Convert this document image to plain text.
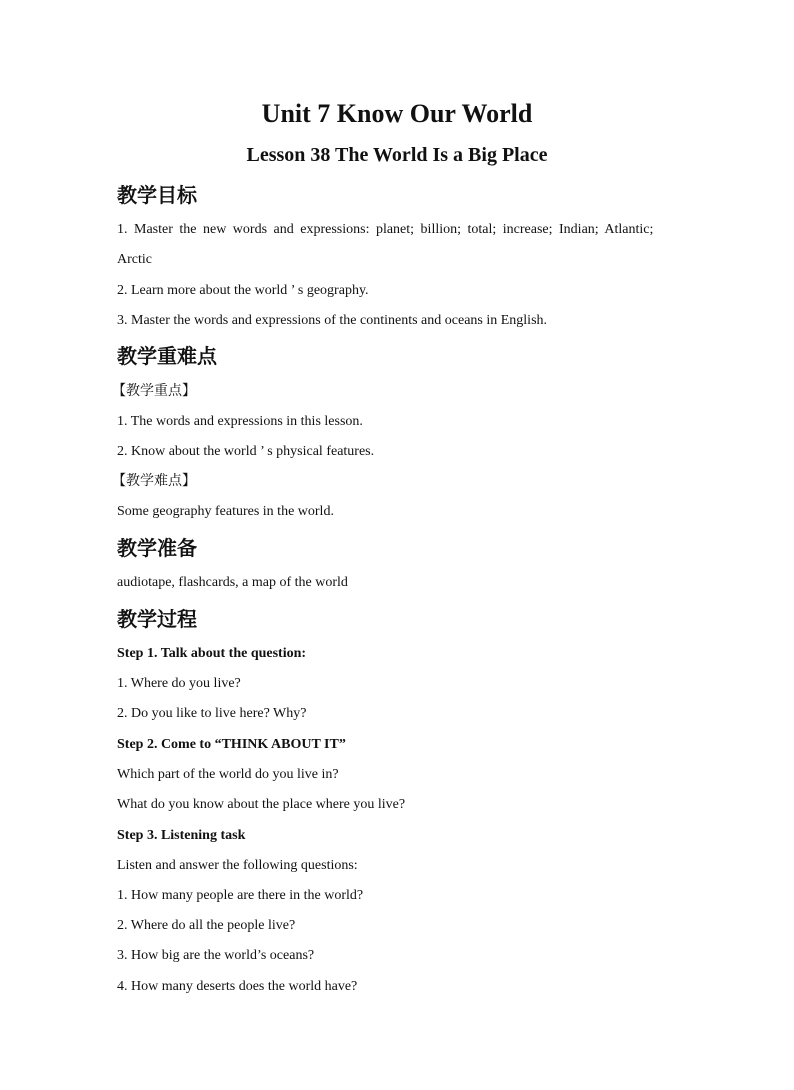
Unit 7 Know Our World
Lesson 38 The World Is a Big Place
教学目标

1. Master the new words and expressions: planet; billion; total; increase; Indian; Atlantic;

Arctic

2. Learn more about the world ’ s geography.

3. Master the words and expressions of the continents and oceans in English.

教学重难点

【教学重点】

1. The words and expressions in this lesson.

2. Know about the world ’ s physical features.

【教学难点】

Some geography features in the world.

教学准备

audiotape, flashcards, a map of the world

教学过程

Step 1. Talk about the question:

1. Where do you live?

2. Do you like to live here? Why?

Step 2. Come to “THINK ABOUT IT”

Which part of the world do you live in?

What do you know about the place where you live?

Step 3. Listening task

Listen and answer the following questions:

1. How many people are there in the world?

2. Where do all the people live?

3. How big are the world’s oceans?

4. How many deserts does the world have?
